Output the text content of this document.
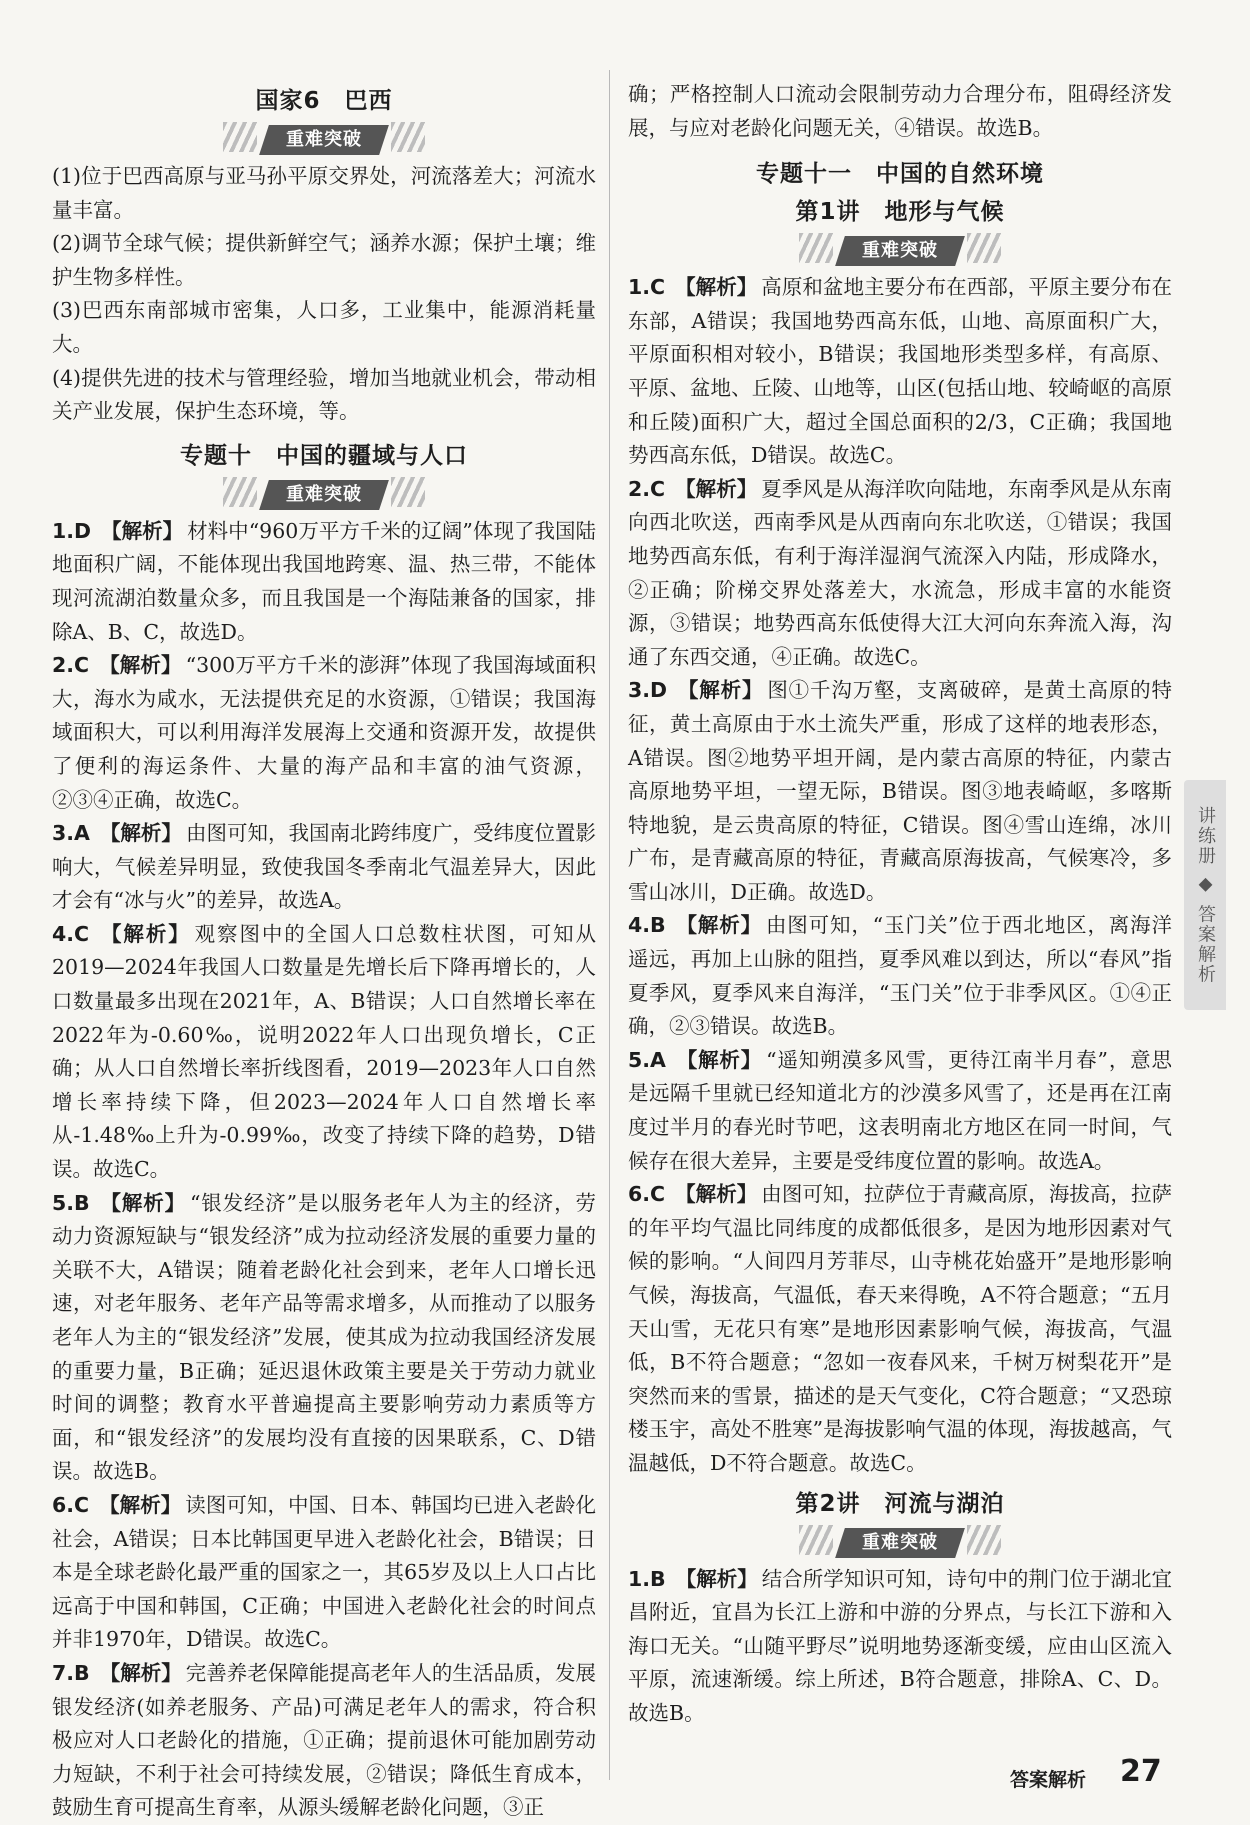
国家6　巴西
重难突破

(1)位于巴西高原与亚马孙平原交界处，河流落差大；河流水量丰富。

(2)调节全球气候；提供新鲜空气；涵养水源；保护土壤；维护生物多样性。

(3)巴西东南部城市密集，人口多，工业集中，能源消耗量大。

(4)提供先进的技术与管理经验，增加当地就业机会，带动相关产业发展，保护生态环境，等。

专题十　中国的疆域与人口
重难突破

1.D 【解析】 材料中“960万平方千米的辽阔”体现了我国陆地面积广阔，不能体现出我国地跨寒、温、热三带，不能体现河流湖泊数量众多，而且我国是一个海陆兼备的国家，排除A、B、C，故选D。

2.C 【解析】 “300万平方千米的澎湃”体现了我国海域面积大，海水为咸水，无法提供充足的水资源，①错误；我国海域面积大，可以利用海洋发展海上交通和资源开发，故提供了便利的海运条件、大量的海产品和丰富的油气资源，②③④正确，故选C。

3.A 【解析】 由图可知，我国南北跨纬度广，受纬度位置影响大，气候差异明显，致使我国冬季南北气温差异大，因此才会有“冰与火”的差异，故选A。

4.C 【解析】 观察图中的全国人口总数柱状图，可知从2019—2024年我国人口数量是先增长后下降再增长的，人口数量最多出现在2021年，A、B错误；人口自然增长率在2022年为-0.60‰，说明2022年人口出现负增长，C正确；从人口自然增长率折线图看，2019—2023年人口自然增长率持续下降，但2023—2024年人口自然增长率从-1.48‰上升为-0.99‰，改变了持续下降的趋势，D错误。故选C。

5.B 【解析】 “银发经济”是以服务老年人为主的经济，劳动力资源短缺与“银发经济”成为拉动经济发展的重要力量的关联不大，A错误；随着老龄化社会到来，老年人口增长迅速，对老年服务、老年产品等需求增多，从而推动了以服务老年人为主的“银发经济”发展，使其成为拉动我国经济发展的重要力量，B正确；延迟退休政策主要是关于劳动力就业时间的调整；教育水平普遍提高主要影响劳动力素质等方面，和“银发经济”的发展均没有直接的因果联系，C、D错误。故选B。

6.C 【解析】 读图可知，中国、日本、韩国均已进入老龄化社会，A错误；日本比韩国更早进入老龄化社会，B错误；日本是全球老龄化最严重的国家之一，其65岁及以上人口占比远高于中国和韩国，C正确；中国进入老龄化社会的时间点并非1970年，D错误。故选C。

7.B 【解析】 完善养老保障能提高老年人的生活品质，发展银发经济(如养老服务、产品)可满足老年人的需求，符合积极应对人口老龄化的措施，①正确；提前退休可能加剧劳动力短缺，不利于社会可持续发展，②错误；降低生育成本，鼓励生育可提高生育率，从源头缓解老龄化问题，③正

确；严格控制人口流动会限制劳动力合理分布，阻碍经济发展，与应对老龄化问题无关，④错误。故选B。

专题十一　中国的自然环境
第1讲　地形与气候
重难突破

1.C 【解析】 高原和盆地主要分布在西部，平原主要分布在东部，A错误；我国地势西高东低，山地、高原面积广大，平原面积相对较小，B错误；我国地形类型多样，有高原、平原、盆地、丘陵、山地等，山区(包括山地、较崎岖的高原和丘陵)面积广大，超过全国总面积的2/3，C正确；我国地势西高东低，D错误。故选C。

2.C 【解析】 夏季风是从海洋吹向陆地，东南季风是从东南向西北吹送，西南季风是从西南向东北吹送，①错误；我国地势西高东低，有利于海洋湿润气流深入内陆，形成降水，②正确；阶梯交界处落差大，水流急，形成丰富的水能资源，③错误；地势西高东低使得大江大河向东奔流入海，沟通了东西交通，④正确。故选C。

3.D 【解析】 图①千沟万壑，支离破碎，是黄土高原的特征，黄土高原由于水土流失严重，形成了这样的地表形态，A错误。图②地势平坦开阔，是内蒙古高原的特征，内蒙古高原地势平坦，一望无际，B错误。图③地表崎岖，多喀斯特地貌，是云贵高原的特征，C错误。图④雪山连绵，冰川广布，是青藏高原的特征，青藏高原海拔高，气候寒冷，多雪山冰川，D正确。故选D。

4.B 【解析】 由图可知，“玉门关”位于西北地区，离海洋遥远，再加上山脉的阻挡，夏季风难以到达，所以“春风”指夏季风，夏季风来自海洋，“玉门关”位于非季风区。①④正确，②③错误。故选B。

5.A 【解析】 “遥知朔漠多风雪，更待江南半月春”，意思是远隔千里就已经知道北方的沙漠多风雪了，还是再在江南度过半月的春光时节吧，这表明南北方地区在同一时间，气候存在很大差异，主要是受纬度位置的影响。故选A。

6.C 【解析】 由图可知，拉萨位于青藏高原，海拔高，拉萨的年平均气温比同纬度的成都低很多，是因为地形因素对气候的影响。“人间四月芳菲尽，山寺桃花始盛开”是地形影响气候，海拔高，气温低，春天来得晚，A不符合题意；“五月天山雪，无花只有寒”是地形因素影响气候，海拔高，气温低，B不符合题意；“忽如一夜春风来，千树万树梨花开”是突然而来的雪景，描述的是天气变化，C符合题意；“又恐琼楼玉宇，高处不胜寒”是海拔影响气温的体现，海拔越高，气温越低，D不符合题意。故选C。

第2讲　河流与湖泊
重难突破

1.B 【解析】 结合所学知识可知，诗句中的荆门位于湖北宜昌附近，宜昌为长江上游和中游的分界点，与长江下游和入海口无关。“山随平野尽”说明地势逐渐变缓，应由山区流入平原，流速渐缓。综上所述，B符合题意，排除A、C、D。故选B。

讲练册 ◆ 答案解析
答案解析 27
